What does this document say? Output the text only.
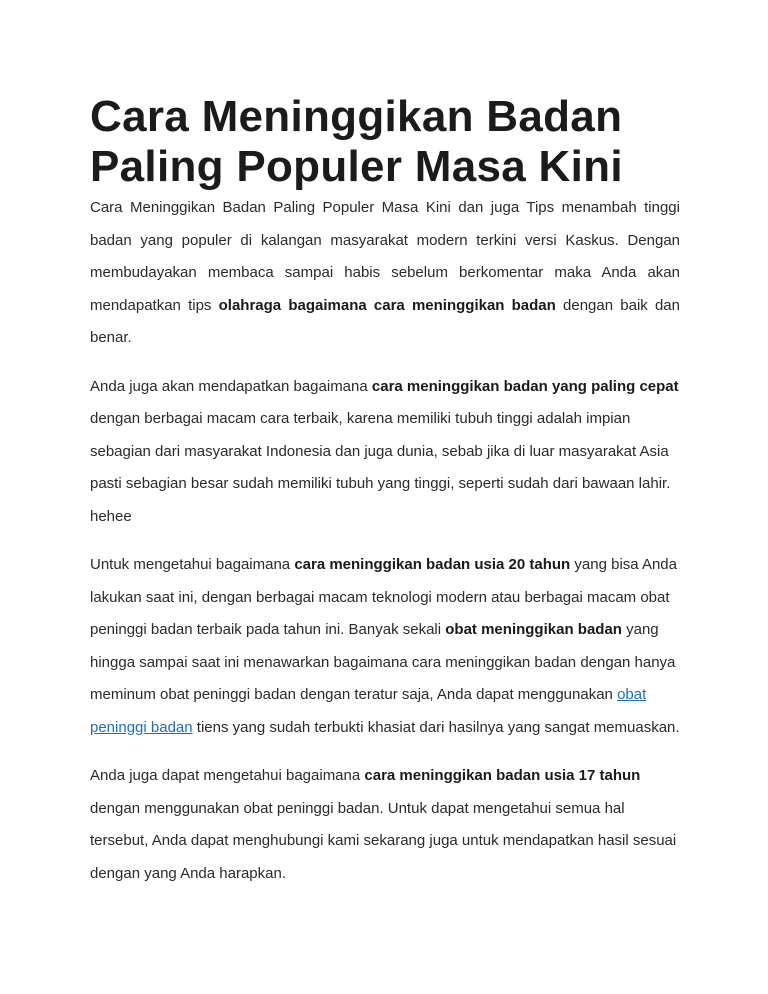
Cara Meninggikan Badan Paling Populer Masa Kini

Cara Meninggikan Badan Paling Populer Masa Kini dan juga Tips menambah tinggi badan yang populer di kalangan masyarakat modern terkini versi Kaskus. Dengan membudayakan membaca sampai habis sebelum berkomentar maka Anda akan mendapatkan tips olahraga bagaimana cara meninggikan badan dengan baik dan benar.

Anda juga akan mendapatkan bagaimana cara meninggikan badan yang paling cepat dengan berbagai macam cara terbaik, karena memiliki tubuh tinggi adalah impian sebagian dari masyarakat Indonesia dan juga dunia, sebab jika di luar masyarakat Asia pasti sebagian besar sudah memiliki tubuh yang tinggi, seperti sudah dari bawaan lahir. hehee

Untuk mengetahui bagaimana cara meninggikan badan usia 20 tahun yang bisa Anda lakukan saat ini, dengan berbagai macam teknologi modern atau berbagai macam obat peninggi badan terbaik pada tahun ini. Banyak sekali obat meninggikan badan yang hingga sampai saat ini menawarkan bagaimana cara meninggikan badan dengan hanya meminum obat peninggi badan dengan teratur saja, Anda dapat menggunakan obat peninggi badan tiens yang sudah terbukti khasiat dari hasilnya yang sangat memuaskan.

Anda juga dapat mengetahui bagaimana cara meninggikan badan usia 17 tahun dengan menggunakan obat peninggi badan. Untuk dapat mengetahui semua hal tersebut, Anda dapat menghubungi kami sekarang juga untuk mendapatkan hasil sesuai dengan yang Anda harapkan.
